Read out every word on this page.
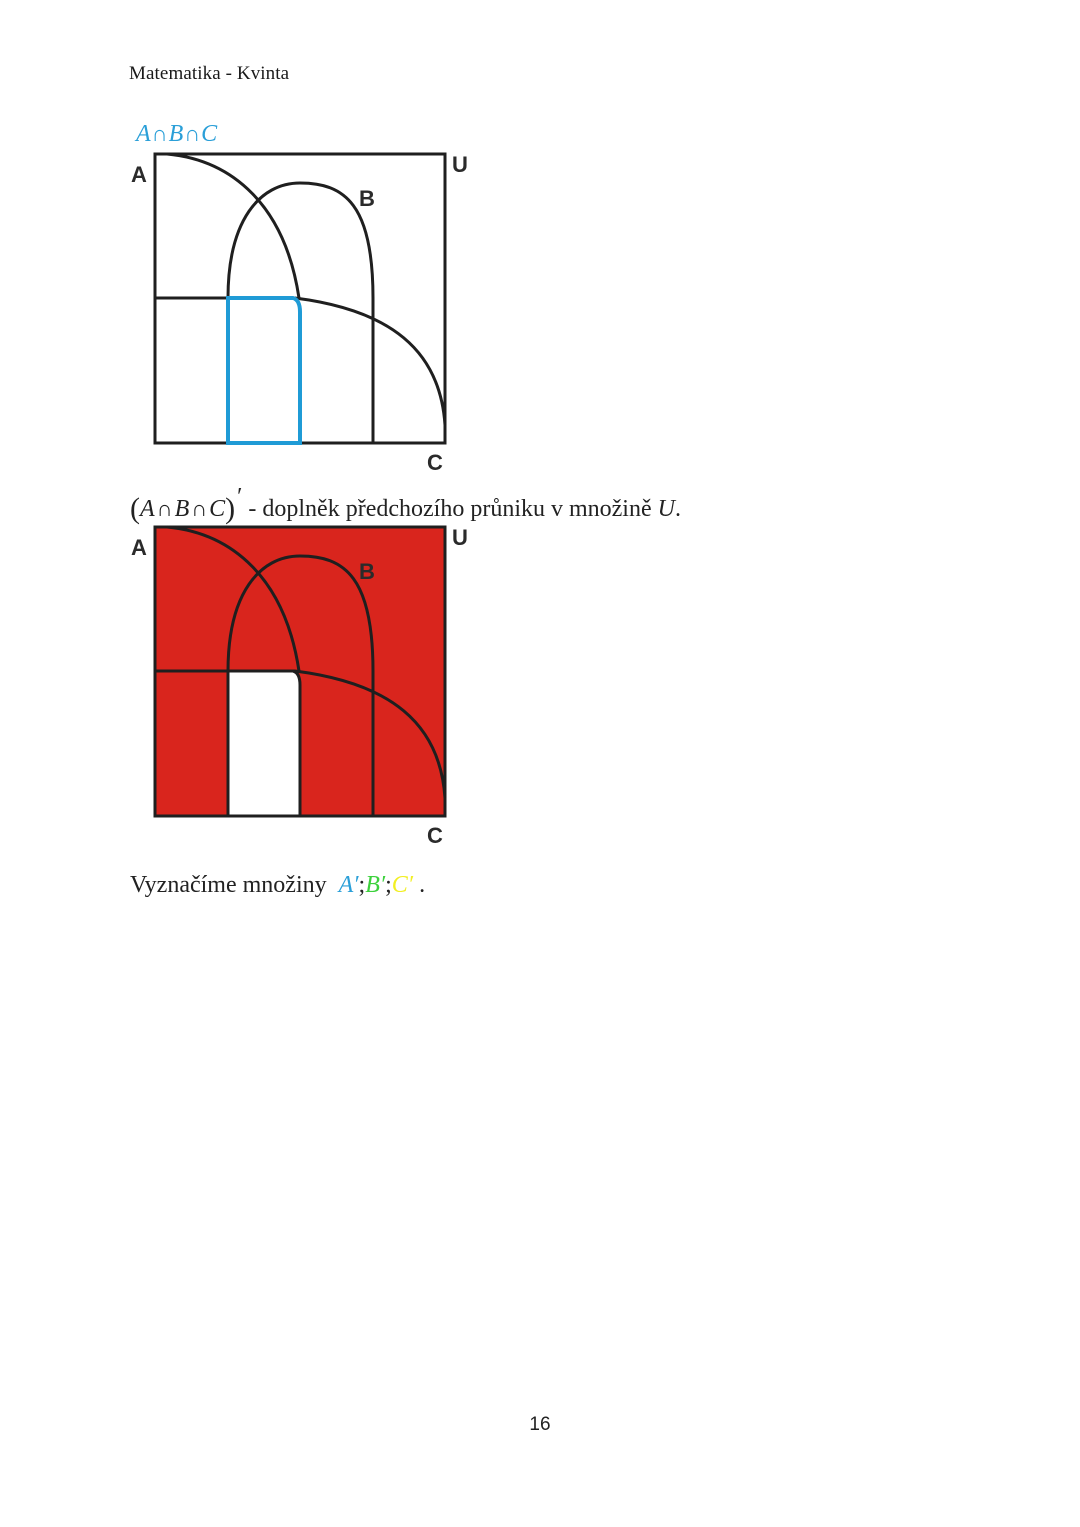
Matematika - Kvinta
A∩B∩C
A
B
C
U
A
B
C
U
(A∩B∩C)′ - doplněk předchozího průniku v množině U.
Vyznačíme množiny A′;B′;C′ .
16
